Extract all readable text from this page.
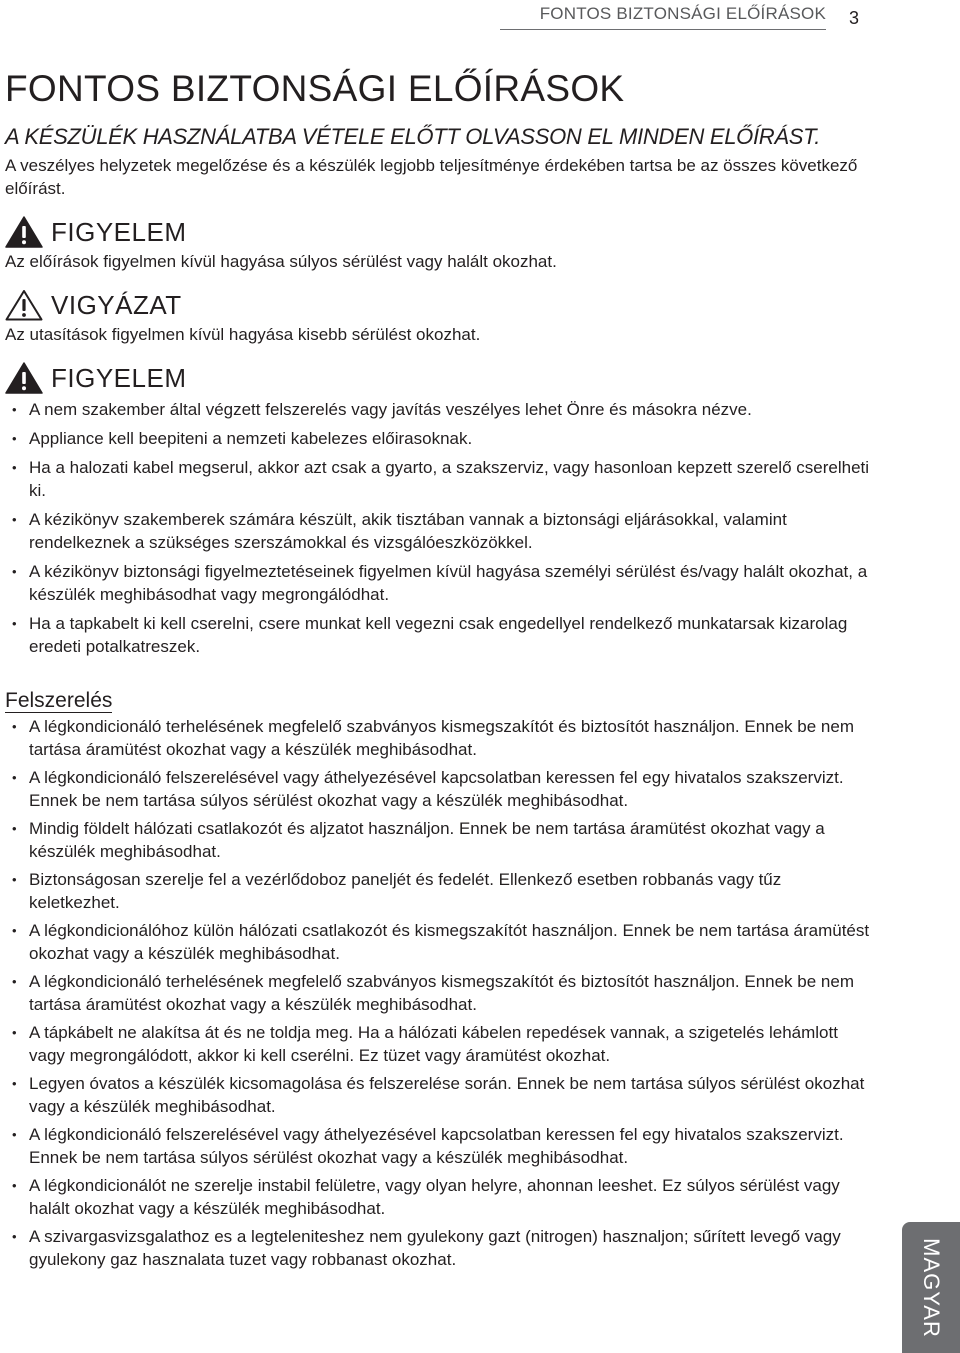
FONTOS BIZTONSÁGI ELŐÍRÁSOK 3
FONTOS BIZTONSÁGI ELŐÍRÁSOK
A KÉSZÜLÉK HASZNÁLATBA VÉTELE ELŐTT OLVASSON EL MINDEN ELŐÍRÁST.

A veszélyes helyzetek megelőzése és a készülék legjobb teljesítménye érdekében tartsa be az összes következő előírást.

FIGYELEM

Az előírások figyelmen kívül hagyása súlyos sérülést vagy halált okozhat.

VIGYÁZAT

Az utasítások figyelmen kívül hagyása kisebb sérülést okozhat.

FIGYELEM
• A nem szakember által végzett felszerelés vagy javítás veszélyes lehet Önre és másokra nézve.
• Appliance kell beepiteni a nemzeti kabelezes előirasoknak.
• Ha a halozati kabel megserul, akkor azt csak a gyarto, a szakszerviz, vagy hasonloan kepzett szerelő cserelheti ki.
• A kézikönyv szakemberek számára készült, akik tisztában vannak a biztonsági eljárásokkal, valamint rendelkeznek a szükséges szerszámokkal és vizsgálóeszközökkel.
• A kézikönyv biztonsági figyelmeztetéseinek figyelmen kívül hagyása személyi sérülést és/vagy halált okozhat, a készülék meghibásodhat vagy megrongálódhat.
• Ha a tapkabelt ki kell cserelni, csere munkat kell vegezni csak engedellyel rendelkező munkatarsak kizarolag eredeti potalkatreszek.
Felszerelés
• A légkondicionáló terhelésének megfelelő szabványos kismegszakítót és biztosítót használjon. Ennek be nem tartása áramütést okozhat vagy a készülék meghibásodhat.
• A légkondicionáló felszerelésével vagy áthelyezésével kapcsolatban keressen fel egy hivatalos szakszervizt. Ennek be nem tartása súlyos sérülést okozhat vagy a készülék meghibásodhat.
• Mindig földelt hálózati csatlakozót és aljzatot használjon. Ennek be nem tartása áramütést okozhat vagy a készülék meghibásodhat.
• Biztonságosan szerelje fel a vezérlődoboz paneljét és fedelét. Ellenkező esetben robbanás vagy tűz keletkezhet.
• A légkondicionálóhoz külön hálózati csatlakozót és kismegszakítót használjon. Ennek be nem tartása áramütést okozhat vagy a készülék meghibásodhat.
• A légkondicionáló terhelésének megfelelő szabványos kismegszakítót és biztosítót használjon. Ennek be nem tartása áramütést okozhat vagy a készülék meghibásodhat.
• A tápkábelt ne alakítsa át és ne toldja meg. Ha a hálózati kábelen repedések vannak, a szigetelés lehámlott vagy megrongálódott, akkor ki kell cserélni. Ez tüzet vagy áramütést okozhat.
• Legyen óvatos a készülék kicsomagolása és felszerelése során. Ennek be nem tartása súlyos sérülést okozhat vagy a készülék meghibásodhat.
• A légkondicionáló felszerelésével vagy áthelyezésével kapcsolatban keressen fel egy hivatalos szakszervizt. Ennek be nem tartása súlyos sérülést okozhat vagy a készülék meghibásodhat.
• A légkondicionálót ne szerelje instabil felületre, vagy olyan helyre, ahonnan leeshet. Ez súlyos sérülést vagy halált okozhat vagy a készülék meghibásodhat.
• A szivargasvizsgalathoz es a legteleniteshez nem gyulekony gazt (nitrogen) hasznaljon; sűrített levegő vagy gyulekony gaz hasznalata tuzet vagy robbanast okozhat.	MAGYAR
